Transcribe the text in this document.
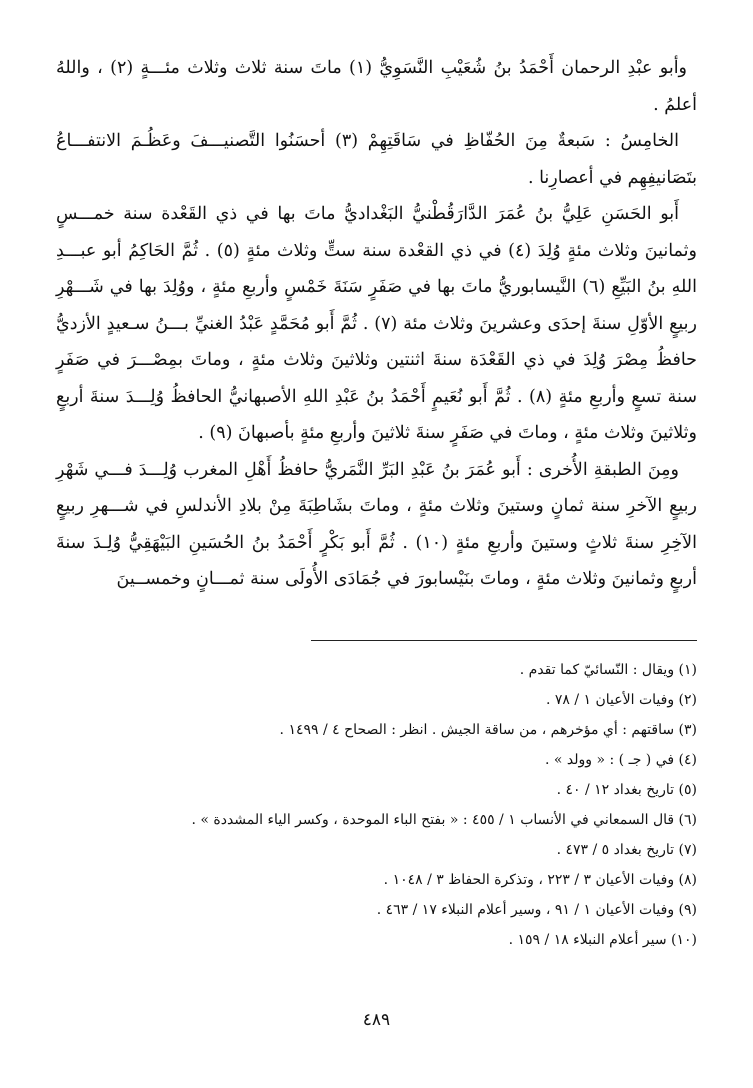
وأبو عبْدِ الرحمان أَحْمَدُ بنُ شُعَيْبِ النَّسَوِيُّ (١) ماتَ سنة ثلاث وثلاث مئـــةٍ (٢) ، واللهُ أعلمُ .

الخامِسُ : سَبعةٌ مِنَ الحُفّاظِ في سَاقَتِهِمْ (٣) أحسَنُوا التَّصنيـــفَ وعَظُـمَ الانتفـــاعُ بتَصَانيفِهِم في أعصارِنا .

أَبو الحَسَنِ عَلِيُّ بنُ عُمَرَ الدَّارَقُطْنيُّ البَغْداديُّ ماتَ بها في ذي القَعْدة سنة خمـــسٍ وثمانينَ وثلاث مئةٍ وُلِدَ (٤) في ذي القعْدة سنة ستٍّ وثلاث مئةٍ (٥) . ثُمَّ الحَاكِمُ أبو عبـــدِ اللهِ بنُ البَيِّعِ (٦) النَّيسابوريُّ ماتَ بها في صَفَرٍ سَنَةَ خَمْسٍ وأربعِ مئةٍ ، ووُلِدَ بها في شَـــهْرِ ربيعٍ الأوّلِ سنةَ إحدَى وعشرينَ وثلاث مئة (٧) . ثُمَّ أَبو مُحَمَّدٍ عَبْدُ الغنيِّ بـــنُ سـعيدٍ الأزديُّ حافظُ مِصْرَ وُلِدَ في ذي القَعْدَة سنةَ اثنتين وثلاثينَ وثلاث مئةٍ ، وماتَ بمِصْـــرَ في صَفَرٍ سنة تسعٍ وأربعِ مئةٍ (٨) . ثُمَّ أَبو نُعَيمٍ أَحْمَدُ بنُ عَبْدِ اللهِ الأصبهانيُّ الحافظُ وُلِـــدَ سنةَ أربعٍ وثلاثينَ وثلاث مئةٍ ، وماتَ في صَفَرٍ سنةَ ثلاثينَ وأربعِ مئةٍ بأصبهانَ (٩) .

ومِنَ الطبقةِ الأُخرى : أَبو عُمَرَ بنُ عَبْدِ البَرِّ النَّمَريُّ حافظُ أَهْلِ المغرب وُلِـــدَ فـــي شَهْرِ ربيعٍ الآخرِ سنة ثمانٍ وستينَ وثلاث مئةٍ ، وماتَ بشَاطِبَةَ مِنْ بلادِ الأندلسِ في شـــهرِ ربيعٍ الآخِرِ سنةَ ثلاثٍ وستينَ وأربعِ مئةٍ (١٠) . ثُمَّ أَبو بَكْرٍ أَحْمَدُ بنُ الحُسَينِ البَيْهَقِيُّ وُلِـدَ سنةَ أربعٍ وثمانينَ وثلاث مئةٍ ، وماتَ بنَيْسابورَ في جُمَادَى الأُولَى سنة ثمـــانٍ وخمســينَ

(١) ويقال : النّسائيّ كما تقدم .
(٢) وفيات الأعيان ١ / ٧٨ .
(٣) ساقتهم : أي مؤخرهم ، من ساقة الجيش . انظر : الصحاح ٤ / ١٤٩٩ .
(٤) في ( جـ ) : « وولد » .
(٥) تاريخ بغداد ١٢ / ٤٠ .
(٦) قال السمعاني في الأنساب ١ / ٤٥٥ : « بفتح الباء الموحدة ، وكسر الياء المشددة » .
(٧) تاريخ بغداد ٥ / ٤٧٣ .
(٨) وفيات الأعيان ٣ / ٢٢٣ ، وتذكرة الحفاظ ٣ / ١٠٤٨ .
(٩) وفيات الأعيان ١ / ٩١ ، وسير أعلام النبلاء ١٧ / ٤٦٣ .
(١٠) سير أعلام النبلاء ١٨ / ١٥٩ .
٤٨٩
